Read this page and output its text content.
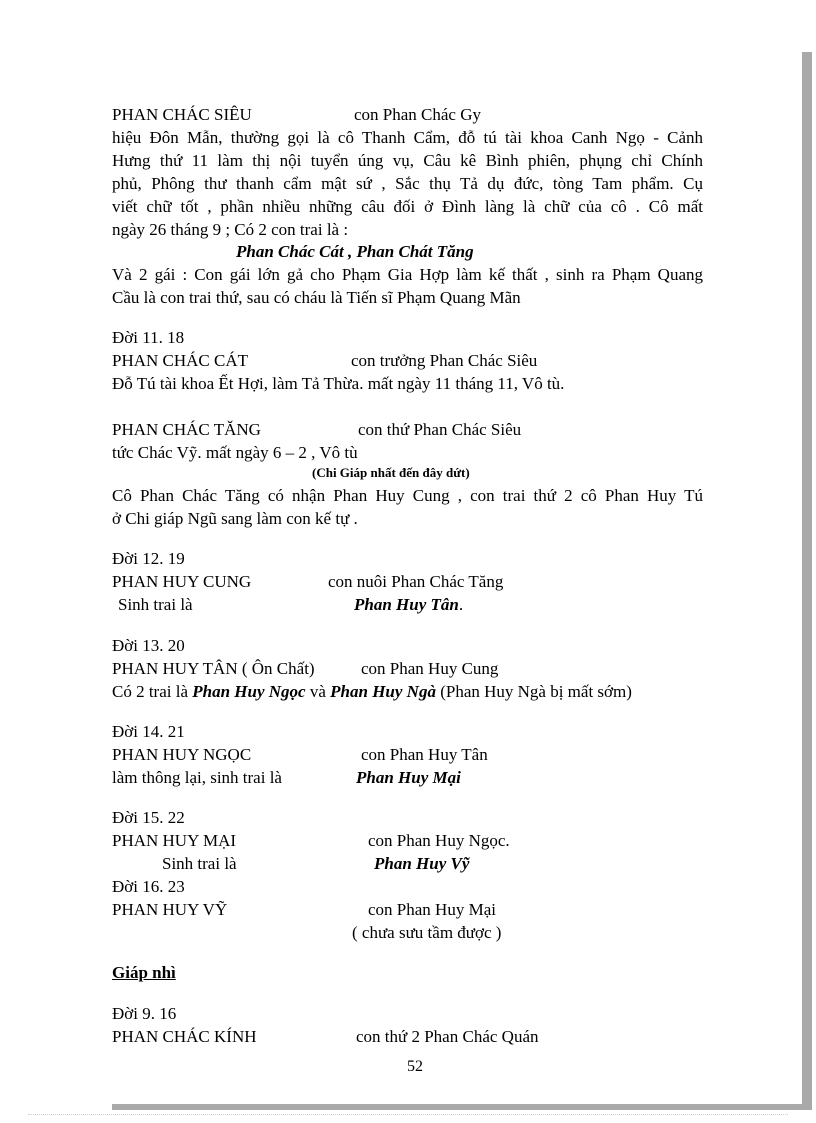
PHAN CHÁC SIÊU	con Phan Chác Gy
hiệu Đôn Mẫn, thường gọi là cô Thanh Cẩm, đỗ tú tài khoa Canh Ngọ - Cảnh
Hưng thứ 11 làm thị nội tuyển úng vụ, Câu kê Bình phiên, phụng chỉ Chính
phủ, Phông thư thanh cẩm mật sứ , Sắc thụ Tả dụ đức, tòng Tam phẩm. Cụ
viết chữ tốt , phần nhiều những câu đối ở Đình làng là chữ của cô . Cô mất
ngày 26 tháng 9 ; Có 2 con trai là :
Phan Chác Cát , Phan Chát Tăng
Và 2 gái : Con gái lớn gả cho Phạm Gia Hợp làm kế thất , sinh ra Phạm Quang
Cầu là con trai thứ, sau có cháu là Tiến sĩ Phạm Quang Mãn
Đời 11. 18
PHAN CHÁC CÁT	con trưởng Phan Chác Siêu
Đỗ Tú tài khoa Ết Hợi, làm Tả Thừa. mất ngày 11 tháng 11, Vô tù.
PHAN CHÁC TĂNG	con thứ Phan Chác Siêu
tức Chác Vỹ. mất ngày 6 – 2 , Vô tù
(Chi Giáp nhất đến đây dứt)
Cô Phan Chác Tăng có nhận Phan Huy Cung , con trai thứ 2 cô Phan Huy Tú
ở Chi giáp Ngũ sang làm con kế tự .
Đời 12. 19
PHAN HUY CUNG	con nuôi Phan Chác Tăng
Sinh trai là	Phan Huy Tân.
Đời 13. 20
PHAN HUY TÂN ( Ôn Chất)	con Phan Huy Cung
Có 2 trai là Phan Huy Ngọc và Phan Huy Ngà (Phan Huy Ngà bị mất sớm)
Đời 14. 21
PHAN HUY NGỌC	con Phan Huy Tân
làm thông lại, sinh trai là	Phan Huy Mại
Đời 15. 22
PHAN HUY MẠI	con Phan Huy Ngọc.
Sinh trai là	Phan Huy Vỹ
Đời 16. 23
PHAN HUY VỸ	con Phan Huy Mại
( chưa sưu tầm được )
Giáp nhì
Đời 9. 16
PHAN CHÁC KÍNH	con thứ 2 Phan Chác Quán
52
